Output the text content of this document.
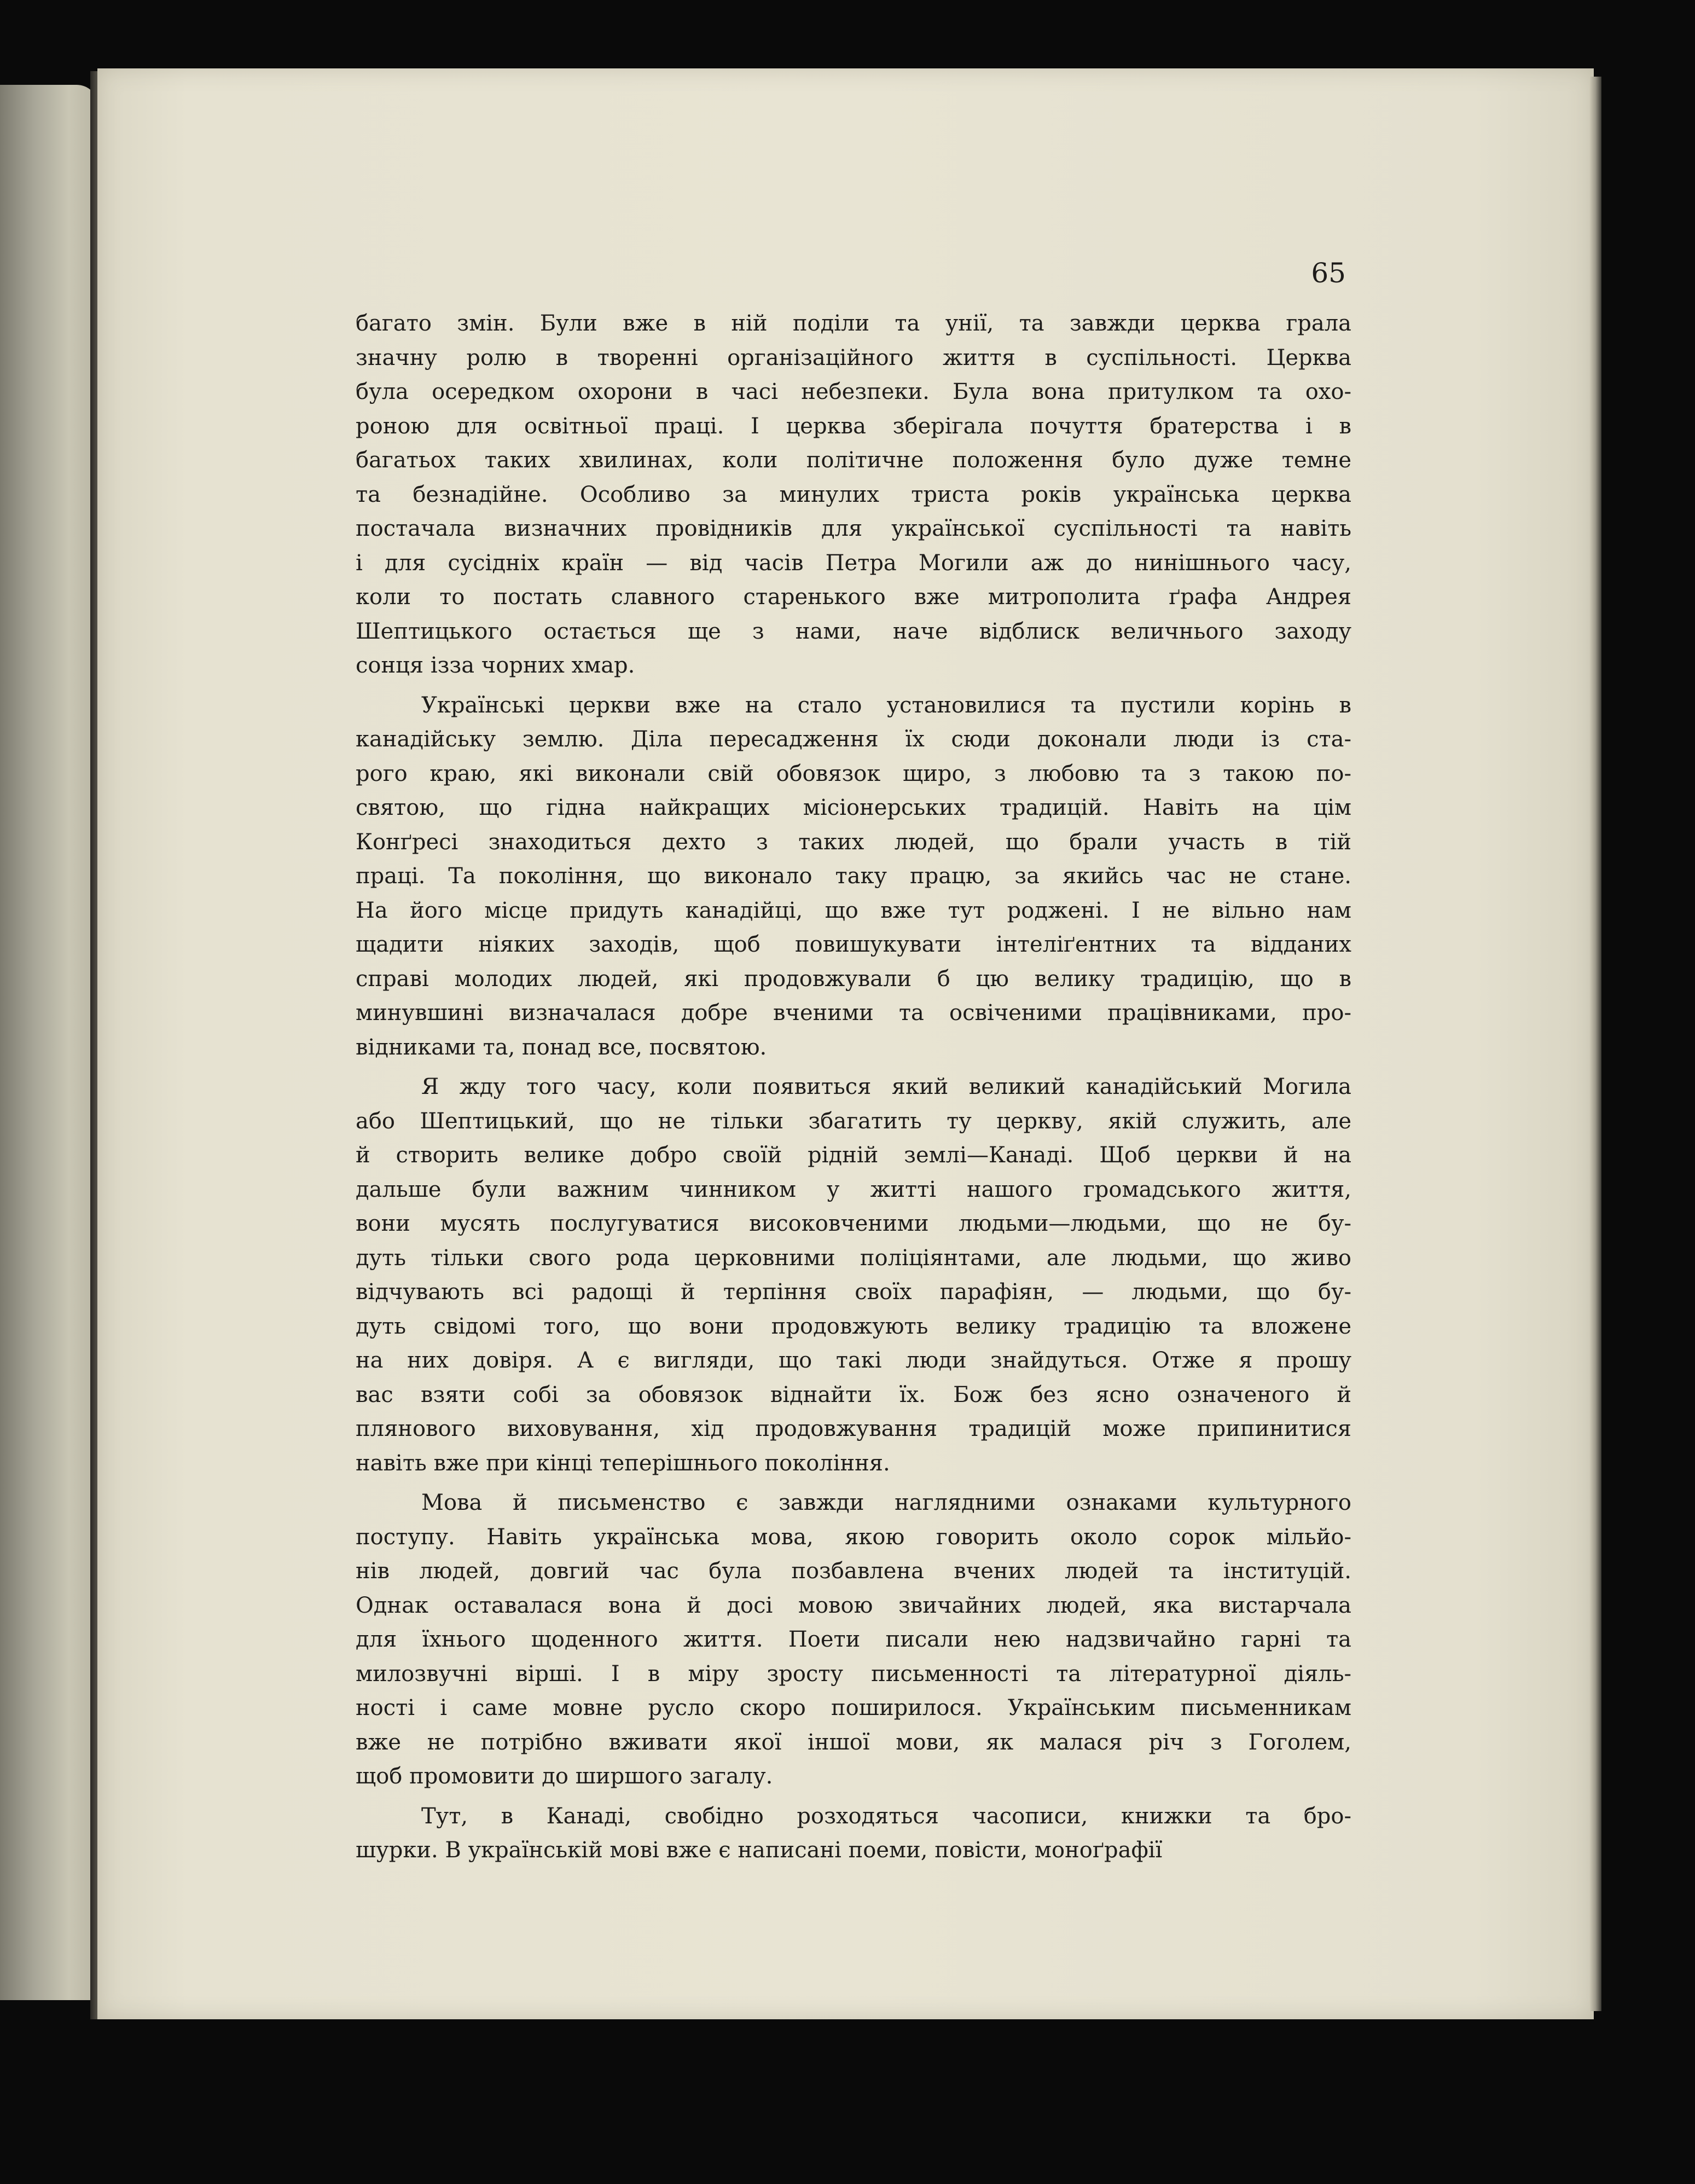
65
багато змін. Були вже в ній поділи та унії, та завжди церква грала
значну ролю в творенні організаційного життя в суспільності. Церква
була осередком охорони в часі небезпеки. Була вона притулком та охо-
роною для освітньої праці. І церква зберігала почуття братерства і в
багатьох таких хвилинах, коли політичне положення було дуже темне
та безнадійне. Особливо за минулих триста років українська церква
постачала визначних провідників для української суспільності та навіть
і для сусідніх країн — від часів Петра Могили аж до нинішнього часу,
коли то постать славного старенького вже митрополита ґрафа Андрея
Шептицького остається ще з нами, наче відблиск величнього заходу
сонця ізза чорних хмар.
Українські церкви вже на стало установилися та пустили корінь в
канадійську землю. Діла пересадження їх сюди доконали люди із ста-
рого краю, які виконали свій обовязок щиро, з любовю та з такою по-
святою, що гідна найкращих місіонерських традицій. Навіть на цім
Конґресі знаходиться дехто з таких людей, що брали участь в тій
праці. Та покоління, що виконало таку працю, за якийсь час не стане.
На його місце придуть канадійці, що вже тут роджені. І не вільно нам
щадити ніяких заходів, щоб повишукувати інтеліґентних та відданих
справі молодих людей, які продовжували б цю велику традицію, що в
минувшині визначалася добре вченими та освіченими працівниками, про-
відниками та, понад все, посвятою.
Я жду того часу, коли появиться який великий канадійський Могила
або Шептицький, що не тільки збагатить ту церкву, якій служить, але
й створить велике добро своїй рідній землі—Канаді. Щоб церкви й на
дальше були важним чинником у житті нашого громадського життя,
вони мусять послугуватися високовченими людьми—людьми, що не бу-
дуть тільки свого рода церковними поліціянтами, але людьми, що живо
відчувають всі радощі й терпіння своїх парафіян, — людьми, що бу-
дуть свідомі того, що вони продовжують велику традицію та вложене
на них довіря. А є вигляди, що такі люди знайдуться. Отже я прошу
вас взяти собі за обовязок віднайти їх. Бож без ясно означеного й
плянового виховування, хід продовжування традицій може припинитися
навіть вже при кінці теперішнього покоління.
Мова й письменство є завжди наглядними ознаками культурного
поступу. Навіть українська мова, якою говорить около сорок мільйо-
нів людей, довгий час була позбавлена вчених людей та інституцій.
Однак оставалася вона й досі мовою звичайних людей, яка вистарчала
для їхнього щоденного життя. Поети писали нею надзвичайно гарні та
милозвучні вірші. І в міру зросту письменності та літературної діяль-
ності і саме мовне русло скоро поширилося. Українським письменникам
вже не потрібно вживати якої іншої мови, як малася річ з Гоголем,
щоб промовити до ширшого загалу.
Тут, в Канаді, свобідно розходяться часописи, книжки та бро-
шурки. В українській мові вже є написані поеми, повісти, моноґрафії
